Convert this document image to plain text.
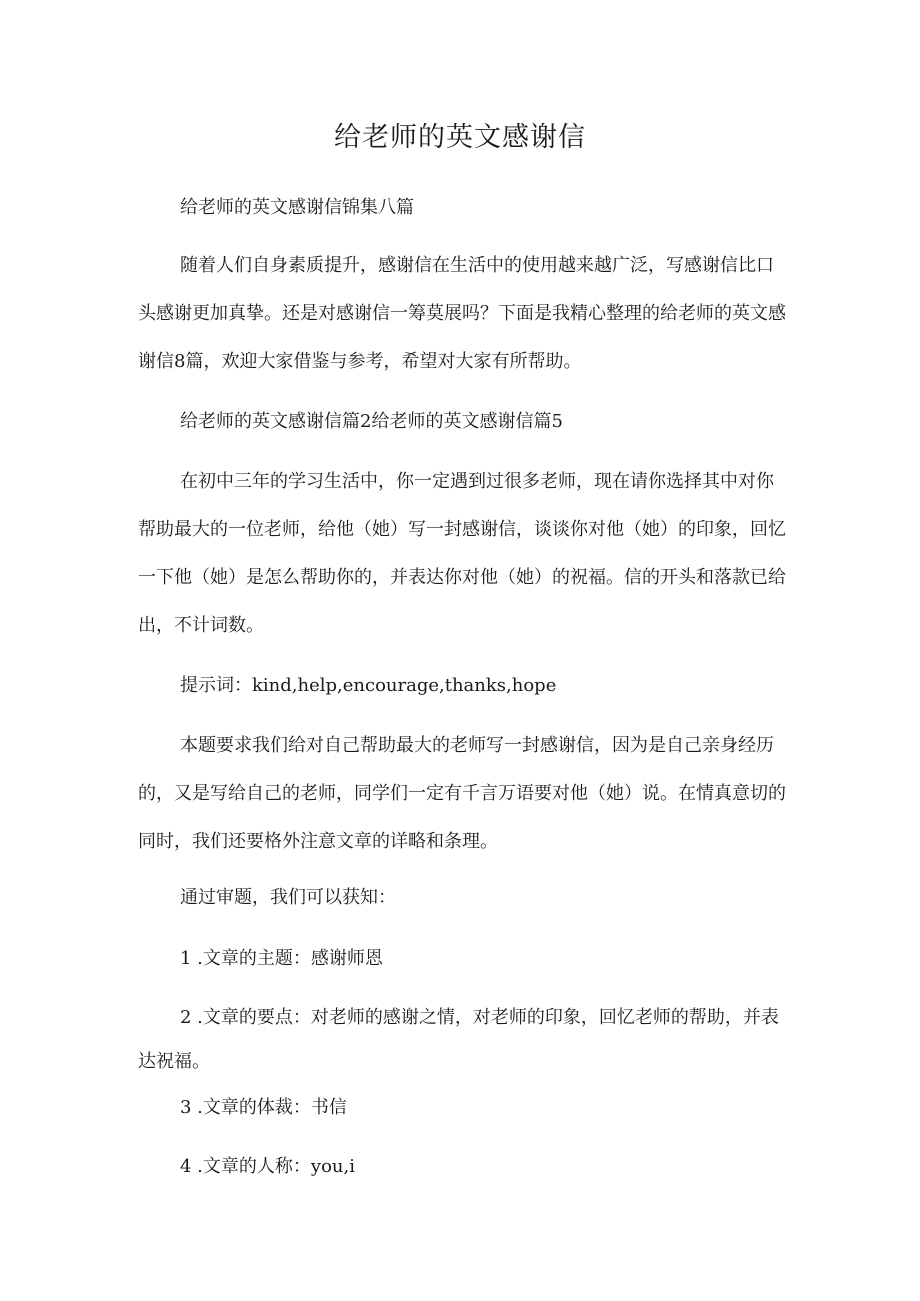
给老师的英文感谢信

给老师的英文感谢信锦集八篇

随着人们自身素质提升，感谢信在生活中的使用越来越广泛，写感谢信比口头感谢更加真挚。还是对感谢信一筹莫展吗？下面是我精心整理的给老师的英文感谢信8篇，欢迎大家借鉴与参考，希望对大家有所帮助。

给老师的英文感谢信篇2给老师的英文感谢信篇5

在初中三年的学习生活中，你一定遇到过很多老师，现在请你选择其中对你帮助最大的一位老师，给他（她）写一封感谢信，谈谈你对他（她）的印象，回忆一下他（她）是怎么帮助你的，并表达你对他（她）的祝福。信的开头和落款已给出，不计词数。

提示词：kind,help,encourage,thanks,hope

本题要求我们给对自己帮助最大的老师写一封感谢信，因为是自己亲身经历的，又是写给自己的老师，同学们一定有千言万语要对他（她）说。在情真意切的同时，我们还要格外注意文章的详略和条理。

通过审题，我们可以获知：

1 .文章的主题：感谢师恩

2 .文章的要点：对老师的感谢之情，对老师的印象，回忆老师的帮助，并表达祝福。

3 .文章的体裁：书信

4 .文章的人称：you,i
